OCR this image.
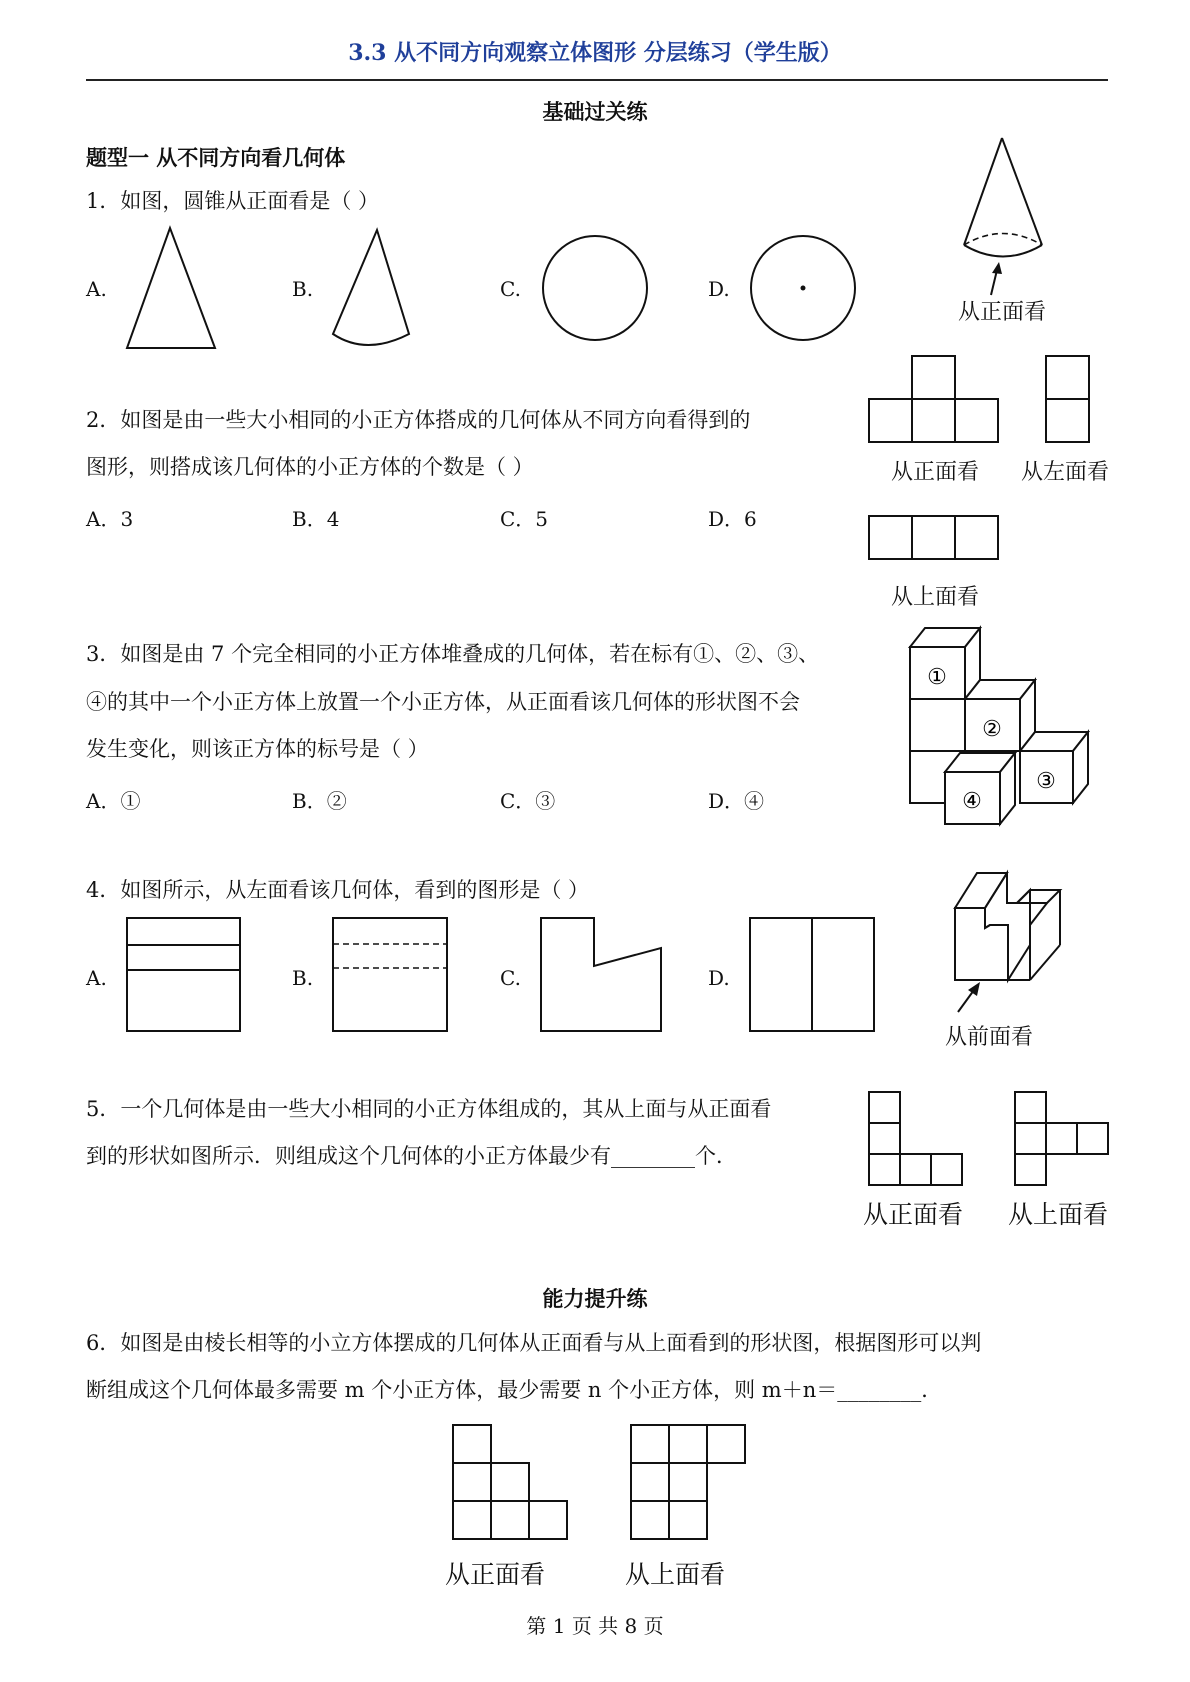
3.3 从不同方向观察立体图形 分层练习（学生版）
基础过关练
题型一 从不同方向看几何体
1．如图，圆锥从正面看是（ ）
A.	B.	C.	D.
从正面看
2．如图是由一些大小相同的小正方体搭成的几何体从不同方向看得到的
图形，则搭成该几何体的小正方体的个数是（ ）
A．3	B．4	C．5	D．6
从正面看 从左面看
从上面看
3．如图是由 7 个完全相同的小正方体堆叠成的几何体，若在标有①、②、③、
④的其中一个小正方体上放置一个小正方体，从正面看该几何体的形状图不会
发生变化，则该正方体的标号是（ ）
A．①	B．②	C．③	D．④
①
②
③
④
4．如图所示，从左面看该几何体，看到的图形是（ ）
A.	B.	C.	D.
从前面看
5．一个几何体是由一些大小相同的小正方体组成的，其从上面与从正面看
到的形状如图所示．则组成这个几何体的小正方体最少有________个．
从正面看 从上面看
能力提升练
6．如图是由棱长相等的小立方体摆成的几何体从正面看与从上面看到的形状图，根据图形可以判
断组成这个几何体最多需要 m 个小正方体，最少需要 n 个小正方体，则 m＋n＝________．
从正面看	从上面看
第 1 页 共 8 页
